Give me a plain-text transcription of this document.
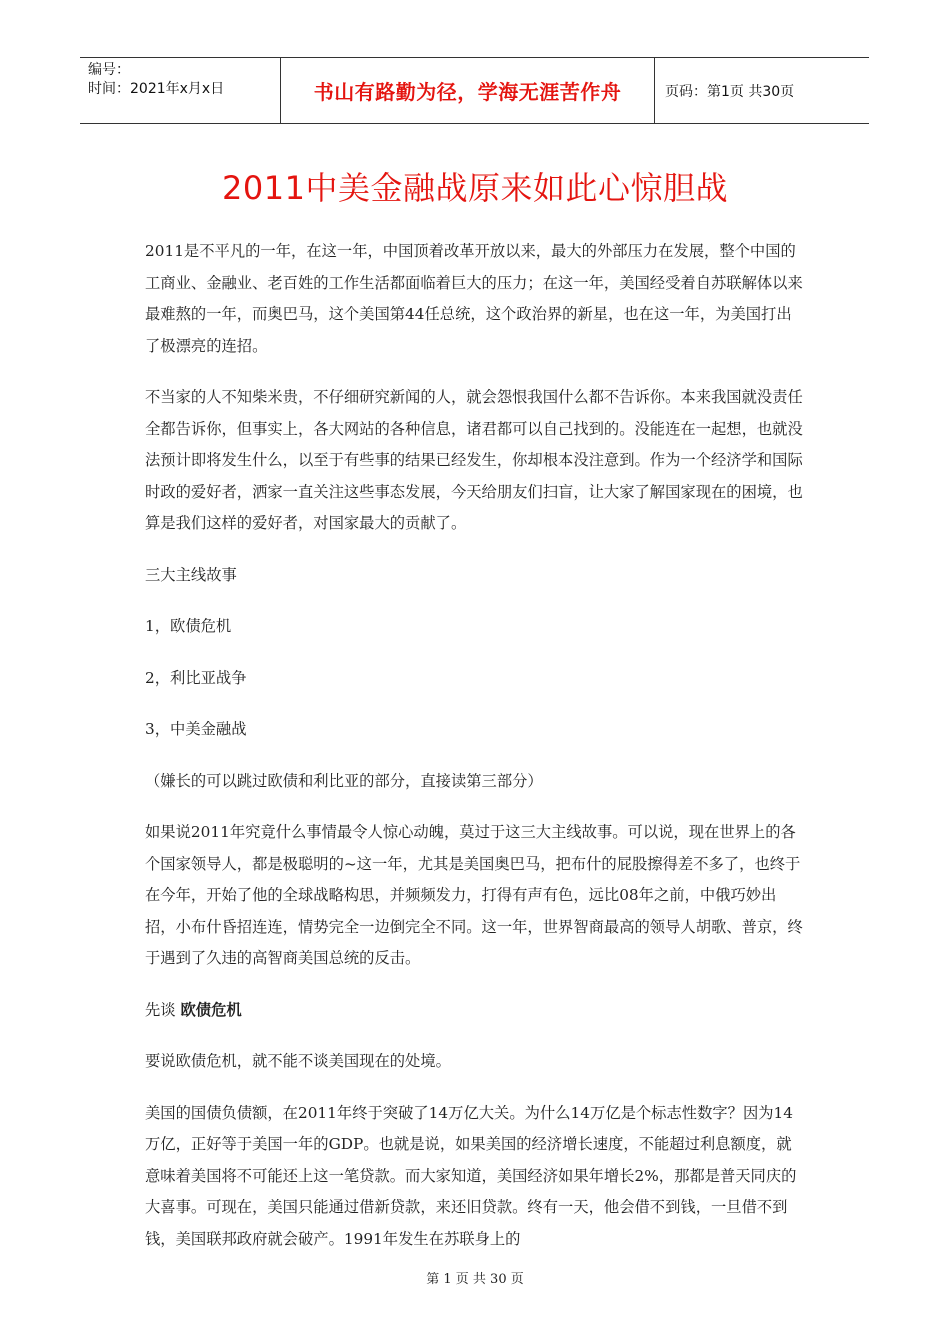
编号：
时间：2021年x月x日	书山有路勤为径，学海无涯苦作舟	页码：第1页 共30页
2011中美金融战原来如此心惊胆战

2011是不平凡的一年，在这一年，中国顶着改革开放以来，最大的外部压力在发展，整个中国的工商业、金融业、老百姓的工作生活都面临着巨大的压力；在这一年，美国经受着自苏联解体以来最难熬的一年，而奥巴马，这个美国第44任总统，这个政治界的新星，也在这一年，为美国打出了极漂亮的连招。

不当家的人不知柴米贵，不仔细研究新闻的人，就会怨恨我国什么都不告诉你。本来我国就没责任全都告诉你，但事实上，各大网站的各种信息，诸君都可以自己找到的。没能连在一起想，也就没法预计即将发生什么，以至于有些事的结果已经发生，你却根本没注意到。作为一个经济学和国际时政的爱好者，洒家一直关注这些事态发展，今天给朋友们扫盲，让大家了解国家现在的困境，也算是我们这样的爱好者，对国家最大的贡献了。

三大主线故事

1，欧债危机

2，利比亚战争

3，中美金融战

（嫌长的可以跳过欧债和利比亚的部分，直接读第三部分）

如果说2011年究竟什么事情最令人惊心动魄，莫过于这三大主线故事。可以说，现在世界上的各个国家领导人，都是极聪明的~这一年，尤其是美国奥巴马，把布什的屁股擦得差不多了，也终于在今年，开始了他的全球战略构思，并频频发力，打得有声有色，远比08年之前，中俄巧妙出招，小布什昏招连连，情势完全一边倒完全不同。这一年，世界智商最高的领导人胡歌、普京，终于遇到了久违的高智商美国总统的反击。

先谈 欧债危机

要说欧债危机，就不能不谈美国现在的处境。

美国的国债负债额，在2011年终于突破了14万亿大关。为什么14万亿是个标志性数字？因为14万亿，正好等于美国一年的GDP。也就是说，如果美国的经济增长速度，不能超过利息额度，就意味着美国将不可能还上这一笔贷款。而大家知道，美国经济如果年增长2%，那都是普天同庆的大喜事。可现在，美国只能通过借新贷款，来还旧贷款。终有一天，他会借不到钱，一旦借不到钱，美国联邦政府就会破产。1991年发生在苏联身上的

第 1 页 共 30 页
